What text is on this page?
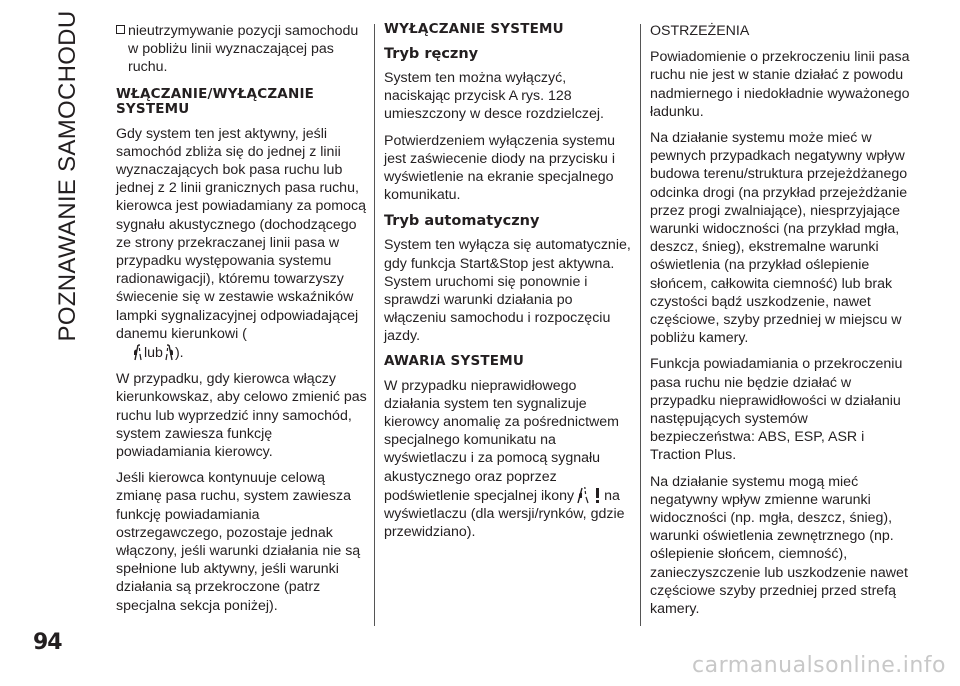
POZNAWANIE SAMOCHODU	nieutrzymywanie pozycji samochodu w pobliżu linii wyznaczającej pas ruchu.
WŁĄCZANIE/WYŁĄCZANIE SYSTEMU

Gdy system ten jest aktywny, jeśli samochód zbliża się do jednej z linii wyznaczających bok pasa ruchu lub jednej z 2 linii granicznych pasa ruchu, kierowca jest powiadamiany za pomocą sygnału akustycznego (dochodzącego ze strony przekraczanej linii pasa w przypadku występowania systemu radionawigacji), któremu towarzyszy świecenie się w zestawie wskaźników lampki sygnalizacyjnej odpowiadającej danemu kierunkowi (
lub ).

W przypadku, gdy kierowca włączy kierunkowskaz, aby celowo zmienić pas ruchu lub wyprzedzić inny samochód, system zawiesza funkcję powiadamiania kierowcy.

Jeśli kierowca kontynuuje celową zmianę pasa ruchu, system zawiesza funkcję powiadamiania ostrzegawczego, pozostaje jednak włączony, jeśli warunki działania nie są spełnione lub aktywny, jeśli warunki działania są przekroczone (patrz specjalna sekcja poniżej).

WYŁĄCZANIE SYSTEMU
Tryb ręczny

System ten można wyłączyć, naciskając przycisk A rys. 128 umieszczony w desce rozdzielczej.

Potwierdzeniem wyłączenia systemu jest zaświecenie diody na przycisku i wyświetlenie na ekranie specjalnego komunikatu.

Tryb automatyczny

System ten wyłącza się automatycznie, gdy funkcja Start&Stop jest aktywna. System uruchomi się ponownie i sprawdzi warunki działania po włączeniu samochodu i rozpoczęciu jazdy.

AWARIA SYSTEMU

W przypadku nieprawidłowego działania system ten sygnalizuje kierowcy anomalię za pośrednictwem specjalnego komunikatu na wyświetlaczu i za pomocą sygnału akustycznego oraz poprzez podświetlenie specjalnej ikony na wyświetlaczu (dla wersji/rynków, gdzie przewidziano).

OSTRZEŻENIA

Powiadomienie o przekroczeniu linii pasa ruchu nie jest w stanie działać z powodu nadmiernego i niedokładnie wyważonego ładunku.

Na działanie systemu może mieć w pewnych przypadkach negatywny wpływ budowa terenu/struktura przejeżdżanego odcinka drogi (na przykład przejeżdżanie przez progi zwalniające), niesprzyjające warunki widoczności (na przykład mgła, deszcz, śnieg), ekstremalne warunki oświetlenia (na przykład oślepienie słońcem, całkowita ciemność) lub brak czystości bądź uszkodzenie, nawet częściowe, szyby przedniej w miejscu w pobliżu kamery.

Funkcja powiadamiania o przekroczeniu pasa ruchu nie będzie działać w przypadku nieprawidłowości w działaniu następujących systemów bezpieczeństwa: ABS, ESP, ASR i Traction Plus.

Na działanie systemu mogą mieć negatywny wpływ zmienne warunki widoczności (np. mgła, deszcz, śnieg), warunki oświetlenia zewnętrznego (np. oślepienie słońcem, ciemność), zanieczyszczenie lub uszkodzenie nawet częściowe szyby przedniej przed strefą kamery.

94
carmanualsonline.info
